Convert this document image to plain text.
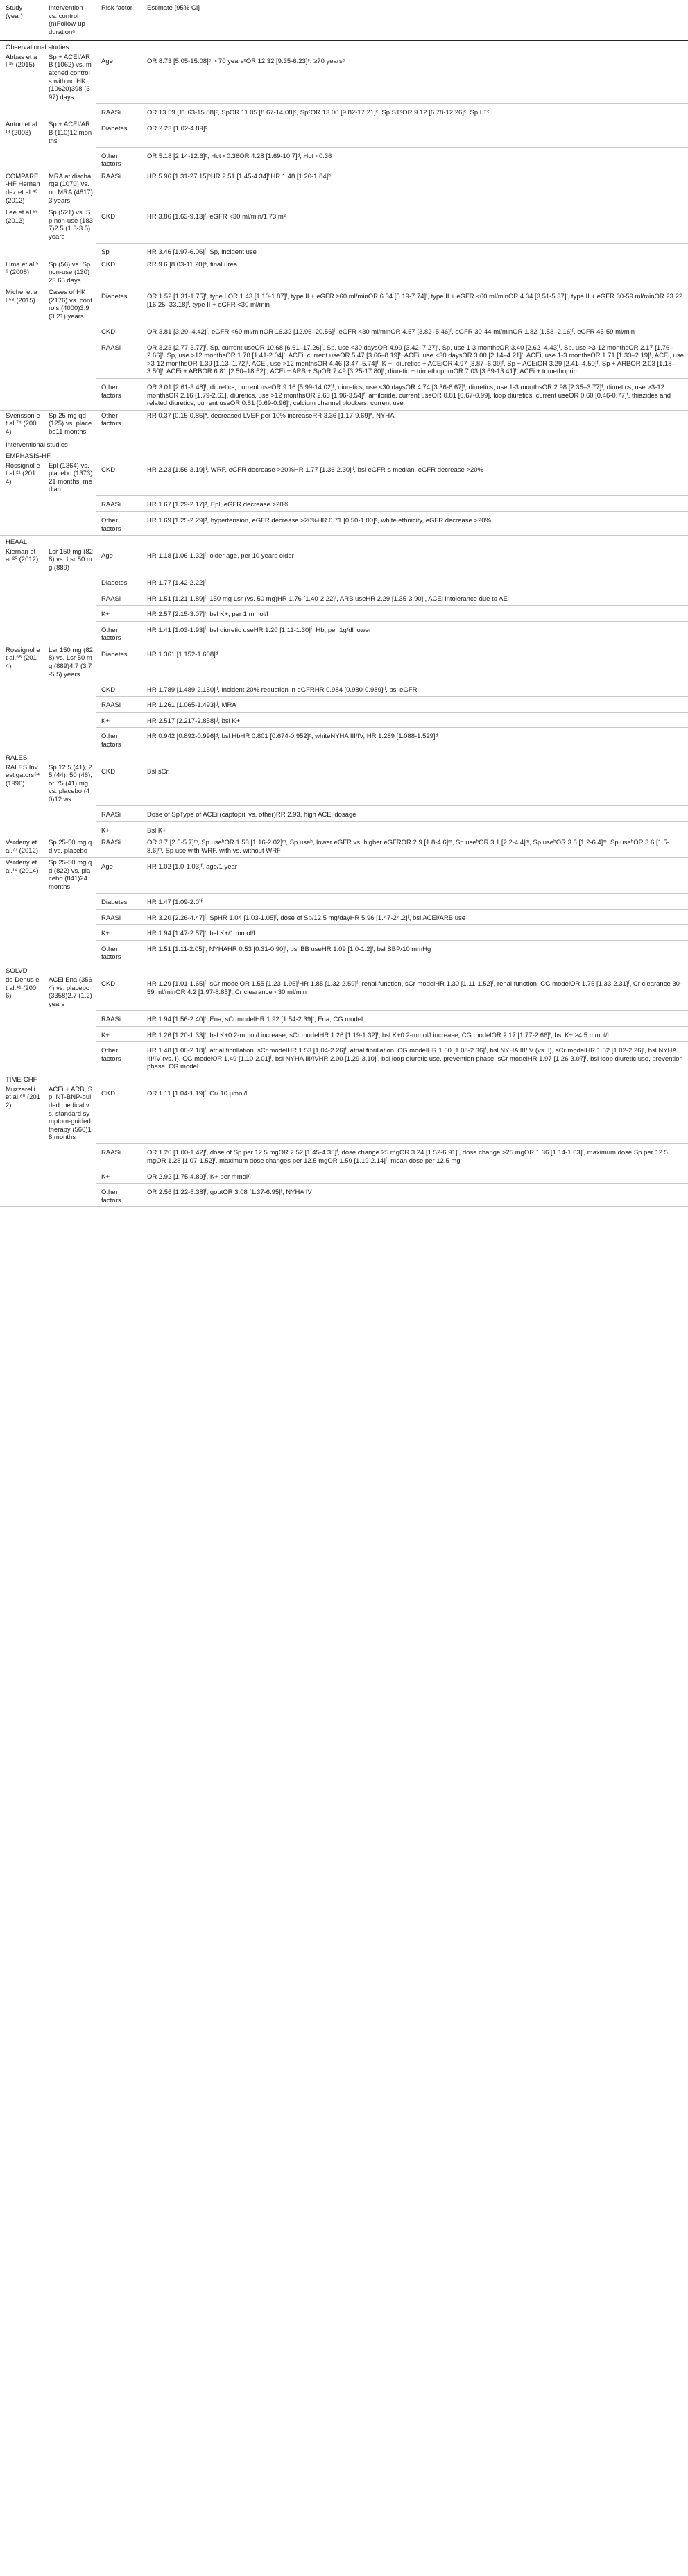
Study (year)	Intervention vs. control (n)Follow-up durationᵃ	Risk factor	Estimate [95% CI]
Observational studies			
Abbas et al.³⁵ (2015)	Sp + ACEI/ARB (1062) vs. matched controls with no HK (10620)398 (397) days	Age	OR 8.73 [5.05-15.08]ᶜ, <70 yearsᶜOR 12.32 [9.35-6.23]ᶜ, ≥70 yearsᶜ
		RAASi	OR 13.59 [11.63-15.88]ᶜ, SpOR 11.05 [8.67-14.08]ᶜ, SpᶜOR 13.00 [9.82-17.21]ᶜ, Sp STᶜOR 9.12 [6.78-12.26]ᶜ, Sp LTᶜ
Anton et al.¹³ (2003)	Sp + ACEI/ARB (110)12 months	Diabetes	OR 2.23 [1.02-4.89]ᵈ
		Other factors	OR 5.18 [2.14-12.6]ᵈ, Hct <0.36OR 4.28 [1.69-10.7]ᵈ, Hct <0.36
COMPARE-HF Hernandez et al.⁴⁹ (2012)	MRA at discharge (1070) vs. no MRA (4817)3 years	RAASi	HR 5.96 [1.31-27.15]ʰHR 2.51 [1.45-4.34]ʰHR 1.48 [1.20-1.84]ʰ
Lee et al.⁵⁵ (2013)	Sp (521) vs. Sp non-use (1837)2.5 (1.3-3.5) years	CKD	HR 3.86 [1.63-9.13]ᶠ, eGFR <30 ml/min/1.73 m²
		Sp	HR 3.46 [1.97-6.06]ᶠ, Sp, incident use
Lima et al.⁵⁶ (2008)	Sp (56) vs. Sp non-use (130)23.65 days	CKD	RR 9.6 [8.03-11.20]ᵉ, final urea
Michel et al.⁵⁸ (2015)	Cases of HK (2176) vs. controls (4000)3.9 (3.21) years	Diabetes	OR 1.52 [1.31-1.75]ᶠ, type IIOR 1.43 [1.10-1.87]ᶠ, type II + eGFR ≥60 ml/minOR 6.34 [5.19-7.74]ᶠ, type II + eGFR <60 ml/minOR 4.34 [3.51-5.37]ᶠ, type II + eGFR 30-59 ml/minOR 23.22 [16.25–33.18]ᶠ, type II + eGFR <30 ml/min
		CKD	OR 3.81 [3.29–4.42]ᶠ, eGFR <60 ml/minOR 16.32 [12.96–20.56]ᶠ, eGFR <30 ml/minOR 4.57 [3.82–5.46]ᶠ, eGFR 30-44 ml/minOR 1.82 [1.53–2.16]ᶠ, eGFR 45-59 ml/min
		RAASi	OR 3.23 [2.77-3.77]ᶠ, Sp, current useOR 10.68 [6.61–17.26]ᶠ, Sp, use <30 daysOR 4.99 [3.42–7.27]ᶠ, Sp, use 1-3 monthsOR 3.40 [2.62–4.43]ᶠ, Sp, use >3-12 monthsOR 2.17 [1.76–2.66]ᶠ, Sp, use >12 monthsOR 1.70 [1.41-2.04]ᶠ, ACEi, current useOR 5.47 [3.66–8.19]ᶠ, ACEi, use <30 daysOR 3.00 [2.14–4.21]ᶠ, ACEi, use 1-3 monthsOR 1.71 [1.33–2.19]ᶠ, ACEi, use >3-12 monthsOR 1.39 [1.13–1.72]ᶠ, ACEi, use >12 monthsOR 4.46 [3.47–5.74]ᶠ, K + -diuretics + ACEiOR 4.97 [3.87–6.39]ᶠ, Sp + ACEiOR 3.29 [2.41–4.50]ᶠ, Sp + ARBOR 2.03 [1.18–3.50]ᶠ, ACEi + ARBOR 6.81 [2.50–18.52]ᶠ, ACEi + ARB + SpOR 7.49 [3.25-17.80]ᶠ, diuretic + trimethoprimOR 7.03 [3.69-13.41]ᶠ, ACEi + trimethoprim
		Other factors	OR 3.01 [2.61-3.48]ᶠ, diuretics, current useOR 9.16 [5.99-14.02]ᶠ, diuretics, use <30 daysOR 4.74 [3.36-6.67]ᶠ, diuretics, use 1-3 monthsOR 2.98 [2.35–3.77]ᶠ, diuretics, use >3-12 monthsOR 2.16 [1.79-2.61], diuretics, use >12 monthsOR 2.63 [1.96-3.54]ᶠ, amiloride, current useOR 0.81 [0.67-0.99], loop diuretics, current useOR 0.60 [0.46-0.77]ᶠ, thiazides and related diuretics, current useOR 0.81 [0.69-0.96]ᶠ, calcium channel blockers, current use
Svensson et al.⁷⁴ (2004)	Sp 25 mg qd (125) vs. placebo11 months	Other factors	RR 0.37 [0.15-0.85]ᵉ, decreased LVEF per 10% increaseRR 3.36 [1.17-9.69]ᵉ, NYHA
Interventional studies			
EMPHASIS-HF			
Rossignol et al.²¹ (2014)	Epl (1364) vs. placebo (1373)21 months, median	CKD	HR 2.23 [1.56-3.19]ᵈ, WRF, eGFR decrease >20%HR 1.77 [1.36-2.30]ᵈ, bsl eGFR ≤ median, eGFR decrease >20%
		RAASi	HR 1.67 [1.29-2.17]ᵈ, Epl, eGFR decrease >20%
		Other factors	HR 1.69 [1.25-2.29]ᵈ, hypertension, eGFR decrease >20%HR 0.71 [0.50-1.00]ᵈ, white ethnicity, eGFR decrease >20%
HEAAL			
Kiernan et al.²⁰ (2012)	Lsr 150 mg (828) vs. Lsr 50 mg (889)	Age	HR 1.18 [1.06-1.32]ᶠ, older age, per 10 years older
		Diabetes	HR 1.77 [1.42-2.22]ᶠ
		RAASi	HR 1.51 [1.21-1.89]ᶠ, 150 mg Lsr (vs. 50 mg)HR 1.76 [1.40-2.22]ᶠ, ARB useHR 2.29 [1.35-3.90]ᶠ, ACEi intolerance due to AE
		K+	HR 2.57 [2.15-3.07]ᶠ, bsl K+, per 1 mmol/l
		Other factors	HR 1.41 [1.03-1.93]ᶠ, bsl diuretic useHR 1.20 [1.11-1.30]ᶠ, Hb, per 1g/dl lower
Rossignol et al.⁶⁵ (2014)	Lsr 150 mg (828) vs. Lsr 50 mg (889)4.7 (3.7-5.5) years	Diabetes	HR 1.361 [1.152-1.608]ᵈ
		CKD	HR 1.789 [1.489-2.150]ᵈ, incident 20% reduction in eGFRHR 0.984 [0.980-0.989]ᵈ, bsl eGFR
		RAASi	HR 1.261 [1.065-1.493]ᵈ, MRA
		K+	HR 2.517 [2.217-2.858]ᵈ, bsl K+
		Other factors	HR 0.942 [0.892-0.996]ᵈ, bsl HbHR 0.801 [0.674-0.952]ᵈ, whiteNYHA III/IV, HR 1.289 [1.088-1.529]ᵈ
RALES			
RALES Investigators⁶⁴ (1996)	Sp 12.5 (41), 25 (44), 50 (46), or 75 (41) mg vs. placebo (40)12 wk	CKD	Bsl sCr
		RAASi	Dose of SpType of ACEi (captopril vs. other)RR 2.93, high ACEi dosage
		K+	Bsl K+
Vardeny et al.⁷⁷ (2012)	Sp 25-50 mg qd vs. placebo	RAASi	OR 3.7 [2.5-5.7]ᵐ, Sp useʰOR 1.53 [1.16-2.02]ᵐ, Sp useʰ, lower eGFR vs. higher eGFROR 2.9 [1.8-4.6]ᵐ, Sp useʰOR 3.1 [2.2-4.4]ᵐ, Sp useʰOR 3.8 [1.2-6.4]ᵐ, Sp useʰOR 3.6 [1.5-8.6]ᵐ, Sp use with WRF, with vs. without WRF
Vardeny et al.¹⁴ (2014)	Sp 25-50 mg qd (822) vs. placebo (841)24 months	Age	HR 1.02 [1.0-1.03]ᶠ, age/1 year
		Diabetes	HR 1.47 [1.09-2.0]ᶠ
		RAASi	HR 3.20 [2.26-4.47]ᶠ, SpHR 1.04 [1.03-1.05]ᶠ, dose of Sp/12.5 mg/dayHR 5.96 [1.47-24.2]ᶠ, bsl ACEi/ARB use
		K+	HR 1.94 [1.47-2.57]ᶠ, bsl K+/1 mmol/l
		Other factors	HR 1.51 [1.11-2.05]ᶠ, NYHAHR 0.53 [0.31-0.90]ᶠ, bsl BB useHR 1.09 [1.0-1.2]ᶠ, bsl SBP/10 mmHg
SOLVD			
de Denus et al.⁴¹ (2006)	ACEi Ena (3564) vs. placebo (3358)2.7 (1.2) years	CKD	HR 1.29 [1.01-1.65]ᶠ, sCr modelOR 1.55 [1.23-1.95]ᶠHR 1.85 [1.32-2.59]ᶠ, renal function, sCr modelHR 1.30 [1.11-1.52]ᶠ, renal function, CG modelOR 1.75 [1.33-2.31]ᶠ, Cr clearance 30-59 ml/minOR 4.2 [1.97-8.85]ᶠ, Cr clearance <30 ml/min
		RAASi	HR 1.94 [1.56-2.40]ᶠ, Ena, sCr modelHR 1.92 [1.54-2.39]ᶠ, Ena, CG model
		K+	HR 1.26 [1.20-1.33]ᶠ, bsl K+0.2-mmol/l increase, sCr modelHR 1.26 [1.19-1.32]ᶠ, bsl K+0.2-mmol/l increase, CG modelOR 2.17 [1.77-2.66]ᶠ, bsl K+ ≥4.5 mmol/l
		Other factors	HR 1.48 [1.00-2.18]ᶠ, atrial fibrillation, sCr modelHR 1.53 [1.04-2.26]ᶠ, atrial fibrillation, CG modelHR 1.60 [1.08-2.36]ᶠ, bsl NYHA III/IV (vs. I), sCr modelHR 1.52 [1.02-2.26]ᶠ, bsl NYHA III/IV (vs. I), CG modelOR 1.49 [1.10-2.01]ᶠ, bsl NYHA III/IVHR 2.00 [1.29-3.10]ᶠ, bsl loop diuretic use, prevention phase, sCr modelHR 1.97 [1.26-3.07]ᶠ, bsl loop diuretic use, prevention phase, CG model
TIME-CHF			
Muzzarelli et al.⁶⁰ (2012)	ACEi + ARB, Sp, NT-BNP-guided medical vs. standard symptom-guided therapy (566)18 months	CKD	OR 1.11 [1.04-1.19]ᶠ, Cr/ 10 μmol/l
		RAASi	OR 1.20 [1.00-1.42]ᶠ, dose of Sp per 12.5 mgOR 2.52 [1.45-4.35]ᶠ, dose change 25 mgOR 3.24 [1.52-6.91]ᶠ, dose change >25 mgOR 1.36 [1.14-1.63]ᶠ, maximum dose Sp per 12.5 mgOR 1.28 [1.07-1.52]ᶠ, maximum dose changes per 12.5 mgOR 1.59 [1.19-2.14]ᶠ, mean dose per 12.5 mg
		K+	OR 2.92 [1.75-4.89]ᶠ, K+ per mmol/l
		Other factors	OR 2.56 [1.22-5.38]ᶠ, goutOR 3.08 [1.37-6.95]ᶠ, NYHA IV
